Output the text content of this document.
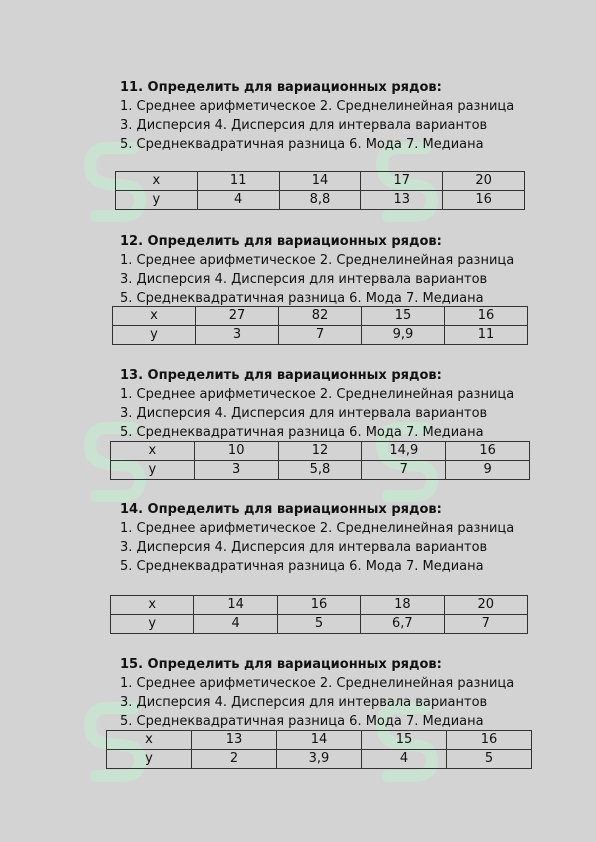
11. Определить для вариационных рядов:
1. Среднее арифметическое 2. Среднелинейная разница
3. Дисперсия 4. Дисперсия для интервала вариантов
5. Среднеквадратичная разница 6. Мода 7. Медиана
x	11	14	17	20
y	4	8,8	13	16
12. Определить для вариационных рядов:
1. Среднее арифметическое 2. Среднелинейная разница
3. Дисперсия 4. Дисперсия для интервала вариантов
5. Среднеквадратичная разница 6. Мода 7. Медиана
x	27	82	15	16
y	3	7	9,9	11
13. Определить для вариационных рядов:
1. Среднее арифметическое 2. Среднелинейная разница
3. Дисперсия 4. Дисперсия для интервала вариантов
5. Среднеквадратичная разница 6. Мода 7. Медиана
x	10	12	14,9	16
y	3	5,8	7	9
14. Определить для вариационных рядов:
1. Среднее арифметическое 2. Среднелинейная разница
3. Дисперсия 4. Дисперсия для интервала вариантов
5. Среднеквадратичная разница 6. Мода 7. Медиана
x	14	16	18	20
y	4	5	6,7	7
15. Определить для вариационных рядов:
1. Среднее арифметическое 2. Среднелинейная разница
3. Дисперсия 4. Дисперсия для интервала вариантов
5. Среднеквадратичная разница 6. Мода 7. Медиана
x	13	14	15	16
y	2	3,9	4	5
